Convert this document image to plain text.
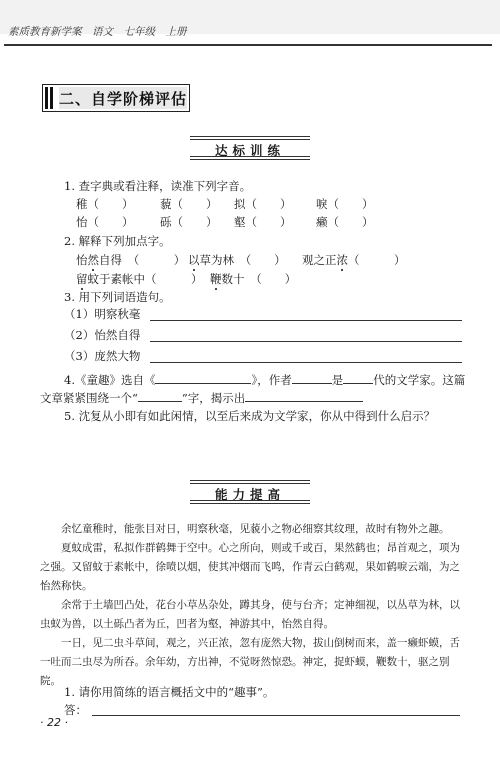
素质教育新学案　语文　七年级　上册
二、自学阶梯评估
达标训练
1. 查字典或看注释，读准下列字音。
稚（　　） 藐（　　） 拟（　　） 唳（　　）
怡（　　） 砾（　　） 壑（　　） 癞（　　）
2. 解释下列加点字。
怡然自得　（　　　） 以草为林　（　　） 观之正浓（　　　）
留蚊于素帐中（　　　） 鞭数十　（　　）
3. 用下列词语造句。
（1）明察秋毫
（2）怡然自得
（3）庞然大物
4.《童趣》选自《	》，作者	是	代的文学家。这篇
文章紧紧围绕一个“	”字，揭示出
5. 沈复从小即有如此闲情，以至后来成为文学家，你从中得到什么启示？
能力提高

余忆童稚时，能张目对日，明察秋毫，见藐小之物必细察其纹理，故时有物外之趣。

夏蚊成雷，私拟作群鹤舞于空中。心之所向，则或千或百，果然鹤也；昂首观之，项为之强。又留蚊于素帐中，徐喷以烟，使其冲烟而飞鸣，作青云白鹤观，果如鹤唳云端，为之怡然称快。

余常于土墙凹凸处，花台小草丛杂处，蹲其身，使与台齐；定神细视，以丛草为林，以虫蚁为兽，以土砾凸者为丘，凹者为壑，神游其中，怡然自得。

一日，见二虫斗草间，观之，兴正浓，忽有庞然大物，拔山倒树而来，盖一癞虾蟆，舌一吐而二虫尽为所吞。余年幼，方出神，不觉呀然惊恐。神定，捉虾蟆，鞭数十，驱之别院。

1. 请你用简练的语言概括文中的“趣事”。
答：
· 22 ·
